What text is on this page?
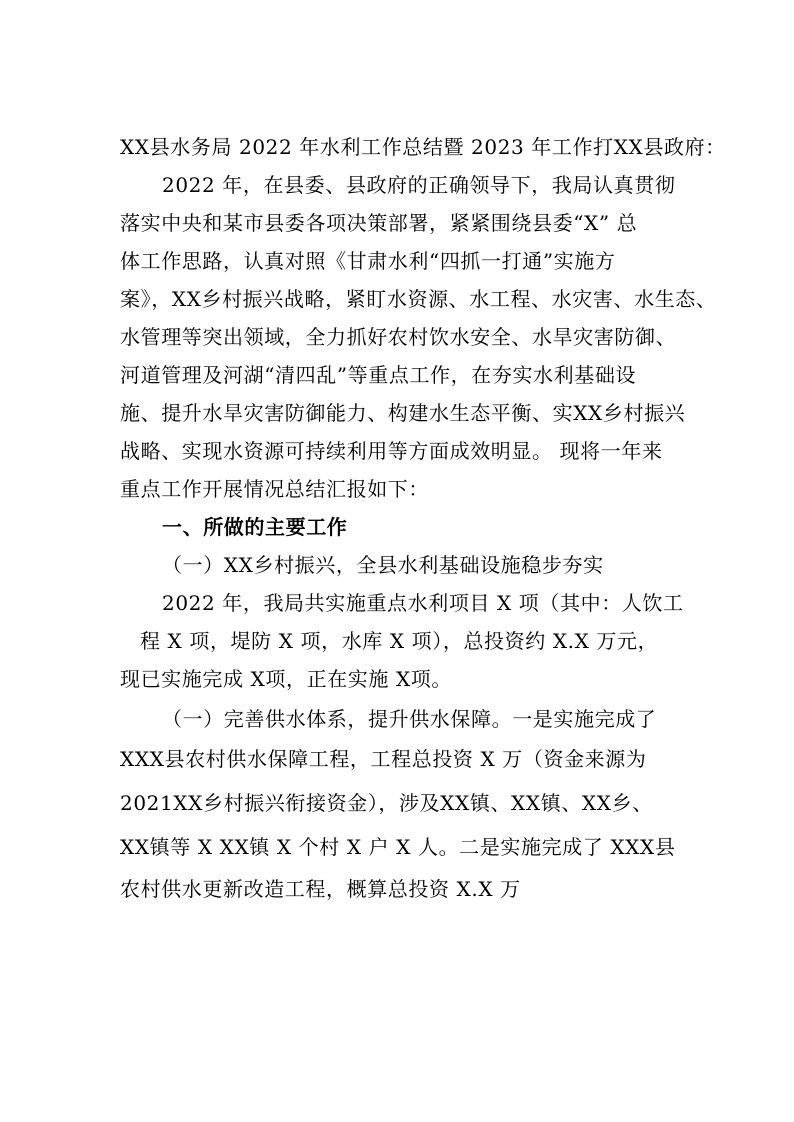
XX县水务局 2022 年水利工作总结暨 2023 年工作打XX县政府：
2022 年，在县委、县政府的正确领导下，我局认真贯彻
落实中央和某市县委各项决策部署，紧紧围绕县委“X” 总
体工作思路，认真对照《甘肃水利“四抓一打通”实施方
案》，XX乡村振兴战略，紧盯水资源、水工程、水灾害、水生态、
水管理等突出领域，全力抓好农村饮水安全、水旱灾害防御、
河道管理及河湖“清四乱”等重点工作，在夯实水利基础设
施、提升水旱灾害防御能力、构建水生态平衡、实XX乡村振兴
战略、实现水资源可持续利用等方面成效明显。 现将一年来
重点工作开展情况总结汇报如下：
一、所做的主要工作
（一）XX乡村振兴，全县水利基础设施稳步夯实
2022 年，我局共实施重点水利项目 X 项（其中：人饮工
程 X 项，堤防 X 项，水库 X 项），总投资约 X.X 万元，
现已实施完成 X项，正在实施 X项。
（一）完善供水体系，提升供水保障。一是实施完成了
XXX县农村供水保障工程，工程总投资 X 万（资金来源为
2021XX乡村振兴衔接资金），涉及XX镇、XX镇、XX乡、
XX镇等 X XX镇 X 个村 X 户 X 人。二是实施完成了 XXX县
农村供水更新改造工程，概算总投资 X.X 万
